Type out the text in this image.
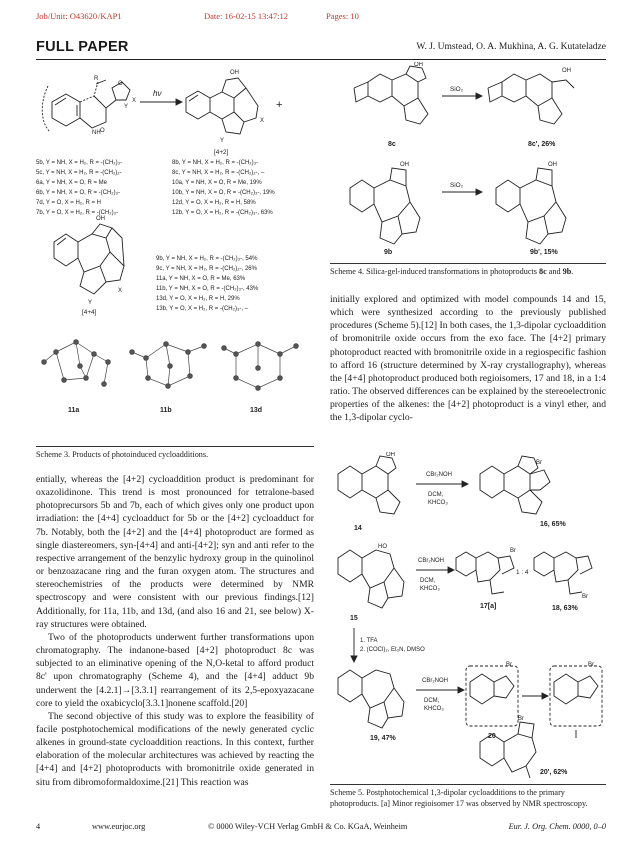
Job/Unit: O43620 /KAP1	Date: 16-02-15 13:47:12	Pages: 10
FULL PAPER	W. J. Umstead, O. A. Mukhina, A. G. Kutateladze
R
NH O
Y
X
O
OH
Y
X
OH
Y
X
hν
+
[4+2]
[4+4]
5b, Y = NH, X = H₂, R = -(CH₂)₃-
5c, Y = NH, X = H₂, R = -(CH₂)₂-
6a, Y = NH, X = O, R = Me
6b, Y = NH, X = O, R = -(CH₂)₃-
7d, Y = O, X = H₂, R = H
7b, Y = O, X = H₂, R = -(CH₂)₃-
8b, Y = NH, X = H₂, R = -(CH₂)₃-
8c, Y = NH, X = H₂, R = -(CH₂)₂-, –
10a, Y = NH, X = O, R = Me, 19%
10b, Y = NH, X = O, R = -(CH₂)₃-, 19%
12d, Y = O, X = H₂, R = H, 58%
12b, Y = O, X = H₂, R = -(CH₂)₃-, 63%
9b, Y = NH, X = H₂, R = -(CH₂)₃-, 54%
9c, Y = NH, X = H₂, R = -(CH₂)₂-, 26%
11a, Y = NH, X = O, R = Me, 63%
11b, Y = NH, X = O, R = -(CH₂)₃-, 43%
13d, Y = O, X = H₂, R = H, 29%
13b, Y = O, X = H₂, R = -(CH₂)₃-, –
11a	11b	13d
Scheme 3. Products of photoinduced cycloadditions.
OH
OH
OH	OH
SiO₂
SiO₂
8c	8c', 26%
9b	9b', 15%
Scheme 4. Silica-gel-induced transformations in photoproducts 8c and 9b.

initially explored and optimized with model compounds 14 and 15, which were synthesized according to the previously published procedures (Scheme 5).[12] In both cases, the 1,3-dipolar cycloaddition of bromonitrile oxide occurs from the exo face. The [4+2] primary photoproduct reacted with bromonitrile oxide in a regiospecific fashion to afford 16 (structure determined by X-ray crystallography), whereas the [4+4] photoproduct produced both regioisomers, 17 and 18, in a 1:4 ratio. The observed differences can be explained by the stereoelectronic properties of the alkenes: the [4+2] photoproduct is a vinyl ether, and the 1,3-dipolar cyclo-

entially, whereas the [4+2] cycloaddition product is predominant for oxazolidinone. This trend is most pronounced for tetralone-based photoprecursors 5b and 7b, each of which gives only one product upon irradiation: the [4+4] cycloadduct for 5b or the [4+2] cycloadduct for 7b. Notably, both the [4+2] and the [4+4] photoproduct are formed as single diastereomers, syn-[4+4] and anti-[4+2]; syn and anti refer to the respective arrangement of the benzylic hydroxy group in the quinolinol or benzoazacane ring and the furan oxygen atom. The structures and stereochemistries of the products were determined by NMR spectroscopy and were consistent with our previous findings.[12] Additionally, for 11a, 11b, and 13d, (and also 16 and 21, see below) X-ray structures were obtained.

Two of the photoproducts underwent further transformations upon chromatography. The indanone-based [4+2] photoproduct 8c was subjected to an eliminative opening of the N,O-ketal to afford product 8c' upon chromatography (Scheme 4), and the [4+4] adduct 9b underwent the [4.2.1]→[3.3.1] rearrangement of its 2,5-epoxyazacane core to yield the oxabicyclo[3.3.1]nonene scaffold.[20]

The second objective of this study was to explore the feasibility of facile postphotochemical modifications of the newly generated cyclic alkenes in ground-state cycloaddition reactions. In this context, further elaboration of the molecular architectures was achieved by reacting the [4+4] and [4+2] photoproducts with bromonitrile oxide generated in situ from dibromoformaldoxime.[21] This reaction was

Br
Br
Br
Br	Br
Br
OH
HO
CBr₂NOH
DCM,
KHCO₃
CBr₂NOH
DCM,
KHCO₃
1. TFA
2. (COCl)₂, Et₃N, DMSO
CBr₂NOH
DCM,
KHCO₃
1 : 4
14
16, 65%
15
17[a]	18, 63%
19, 47%	20
20', 62%
Scheme 5. Postphotochemical 1,3-dipolar cycloadditions to the primary photoproducts. [a] Minor regioisomer 17 was observed by NMR spectroscopy.
4	www.eurjoc.org	© 0000 Wiley-VCH Verlag GmbH & Co. KGaA, Weinheim	Eur. J. Org. Chem. 0000, 0–0
